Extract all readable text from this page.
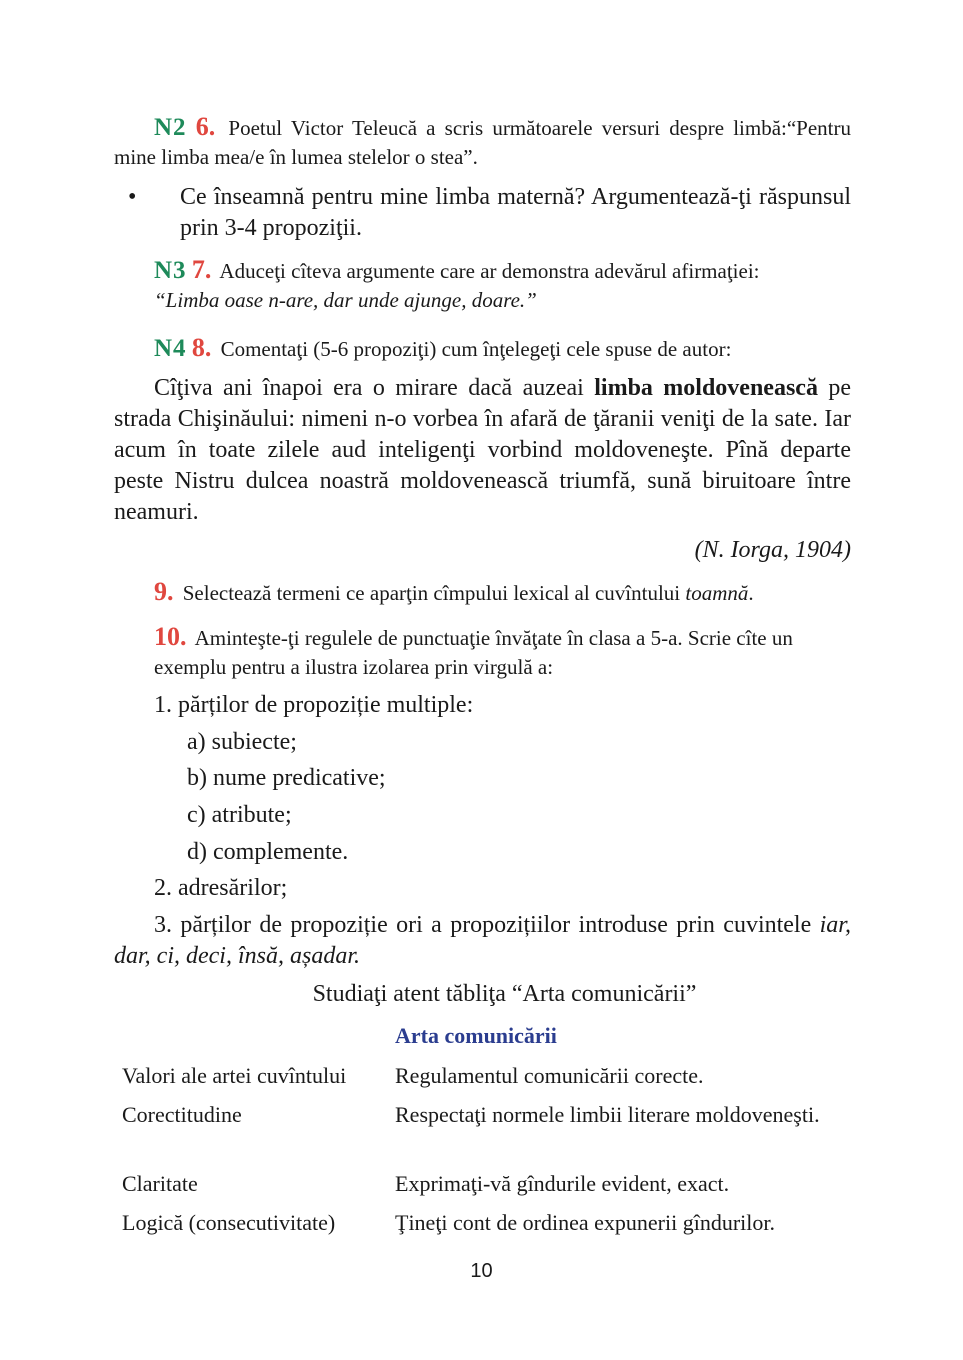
N2 6. Poetul Victor Teleucă a scris următoarele versuri despre limbă:“Pentru mine limba mea/e în lumea stelelor o stea”.
• Ce înseamnă pentru mine limba maternă? Argumentează-ţi răspunsul prin 3-4 propoziţii.
N3 7. Aduceţi cîteva argumente care ar demonstra adevărul afirmaţiei:
“Limba oase n-are, dar unde ajunge, doare.”
N4 8. Comentaţi (5-6 propoziţi) cum înţelegeţi cele spuse de autor:
Cîţiva ani înapoi era o mirare dacă auzeai limba moldovenească pe strada Chişinăului: nimeni n-o vorbea în afară de ţăranii veniţi de la sate. Iar acum în toate zilele aud inteligenţi vorbind moldoveneşte. Pînă departe peste Nistru dulcea noastră moldovenească triumfă, sună biruitoare între neamuri.
(N. Iorga, 1904)
9. Selectează termeni ce aparţin cîmpului lexical al cuvîntului toamnă.
10. Aminteşte-ţi regulele de punctuaţie învăţate în clasa a 5-a. Scrie cîte un exemplu pentru a ilustra izolarea prin virgulă a:
1. părților de propoziție multiple:
a) subiecte;
b) nume predicative;
c) atribute;
d) complemente.
2. adresărilor;
3. părților de propoziție ori a propozițiilor introduse prin cuvintele iar, dar, ci, deci, însă, așadar.
Studiaţi atent tăbliţa “Arta comunicării”
	Arta comunicării
Valori ale artei cuvîntului	Regulamentul comunicării corecte.
Corectitudine	Respectaţi normele limbii literare moldoveneşti.
Claritate	Exprimaţi-vă gîndurile evident, exact.
Logică (consecutivitate)	Ţineţi cont de ordinea expunerii gîndurilor.
10
